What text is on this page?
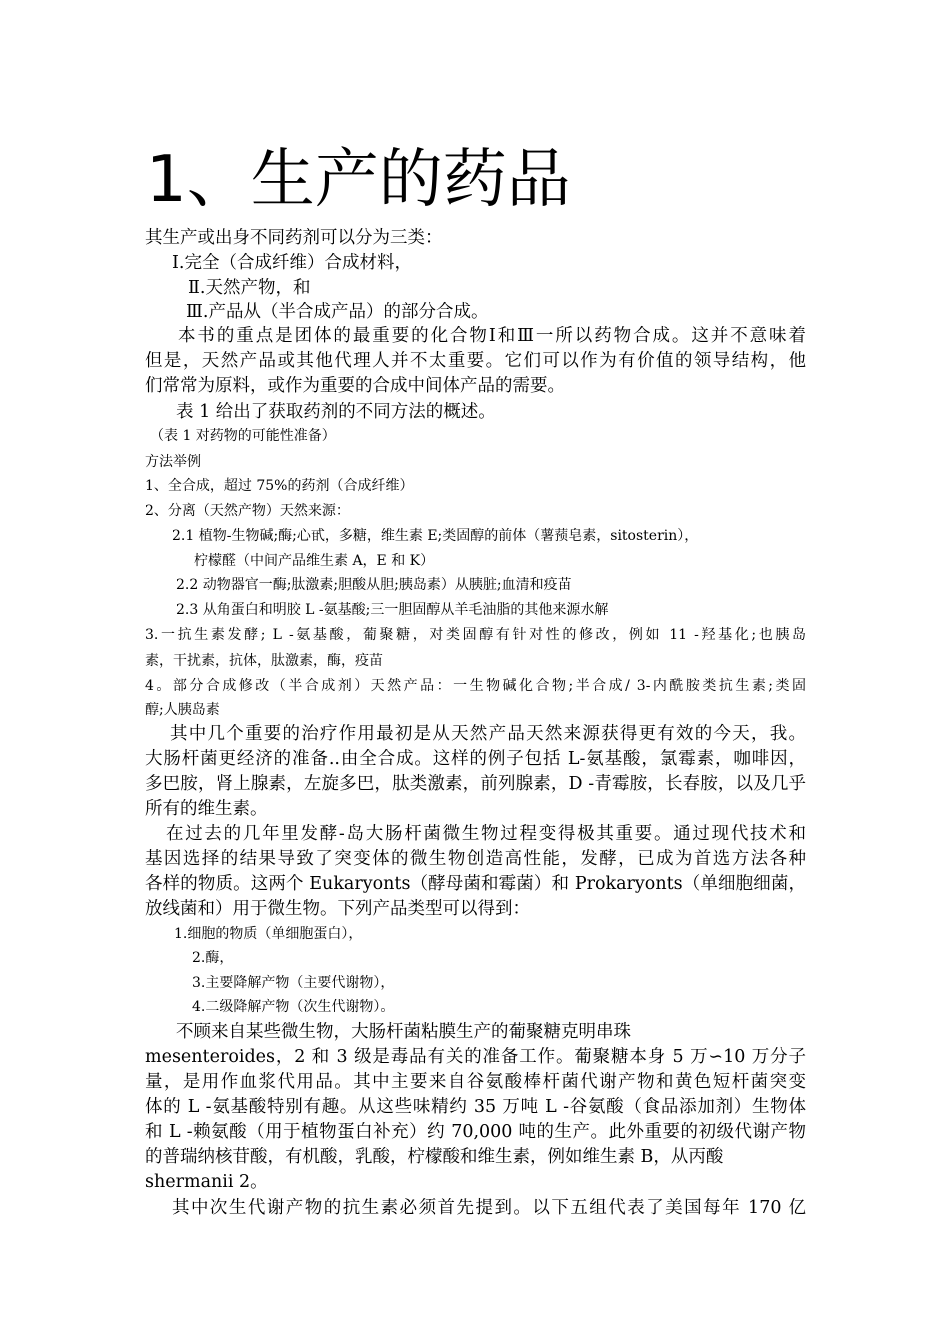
1、生产的药品
其生产或出身不同药剂可以分为三类：
Ⅰ.完全（合成纤维）合成材料，
Ⅱ.天然产物，和
Ⅲ.产品从（半合成产品）的部分合成。
本书的重点是团体的最重要的化合物Ⅰ和Ⅲ一所以药物合成。这并不意味着
但是，天然产品或其他代理人并不太重要。它们可以作为有价值的领导结构，他
们常常为原料，或作为重要的合成中间体产品的需要。
表 1 给出了获取药剂的不同方法的概述。
（表 1 对药物的可能性准备）
方法举例
1、全合成，超过 75%的药剂（合成纤维）
2、分离（天然产物）天然来源：
2.1 植物-生物碱;酶;心甙，多糖，维生素 E;类固醇的前体（薯蓣皂素，sitosterin），
柠檬醛（中间产品维生素 A，E 和 K）
2.2 动物器官一酶;肽激素;胆酸从胆;胰岛素）从胰脏;血清和疫苗
2.3 从角蛋白和明胶 L -氨基酸;三一胆固醇从羊毛油脂的其他来源水解
3.一抗生素发酵; L -氨基酸，葡聚糖，对类固醇有针对性的修改，例如 11 -羟基化;也胰岛
素，干扰素，抗体，肽激素，酶，疫苗
4。部分合成修改（半合成剂）天然产品：一生物碱化合物;半合成/ 3-内酰胺类抗生素;类固
醇;人胰岛素
其中几个重要的治疗作用最初是从天然产品天然来源获得更有效的今天，我。
大肠杆菌更经济的准备..由全合成。这样的例子包括 L-氨基酸，氯霉素，咖啡因，
多巴胺，肾上腺素，左旋多巴，肽类激素，前列腺素，D -青霉胺，长春胺，以及几乎
所有的维生素。
在过去的几年里发酵-岛大肠杆菌微生物过程变得极其重要。通过现代技术和
基因选择的结果导致了突变体的微生物创造高性能，发酵，已成为首选方法各种
各样的物质。这两个 Eukaryonts（酵母菌和霉菌）和 Prokaryonts（单细胞细菌，
放线菌和）用于微生物。下列产品类型可以得到：
1.细胞的物质（单细胞蛋白），
2.酶，
3.主要降解产物（主要代谢物），
4.二级降解产物（次生代谢物）。
不顾来自某些微生物，大肠杆菌粘膜生产的葡聚糖克明串珠
mesenteroides，2 和 3 级是毒品有关的准备工作。葡聚糖本身 5 万∽10 万分子
量，是用作血浆代用品。其中主要来自谷氨酸棒杆菌代谢产物和黄色短杆菌突变
体的 L -氨基酸特别有趣。从这些味精约 35 万吨 L -谷氨酸（食品添加剂）生物体
和 L -赖氨酸（用于植物蛋白补充）约 70,000 吨的生产。此外重要的初级代谢产物
的普瑞纳核苷酸，有机酸，乳酸，柠檬酸和维生素，例如维生素 B，从丙酸
shermanii 2。
其中次生代谢产物的抗生素必须首先提到。以下五组代表了美国每年 170 亿
